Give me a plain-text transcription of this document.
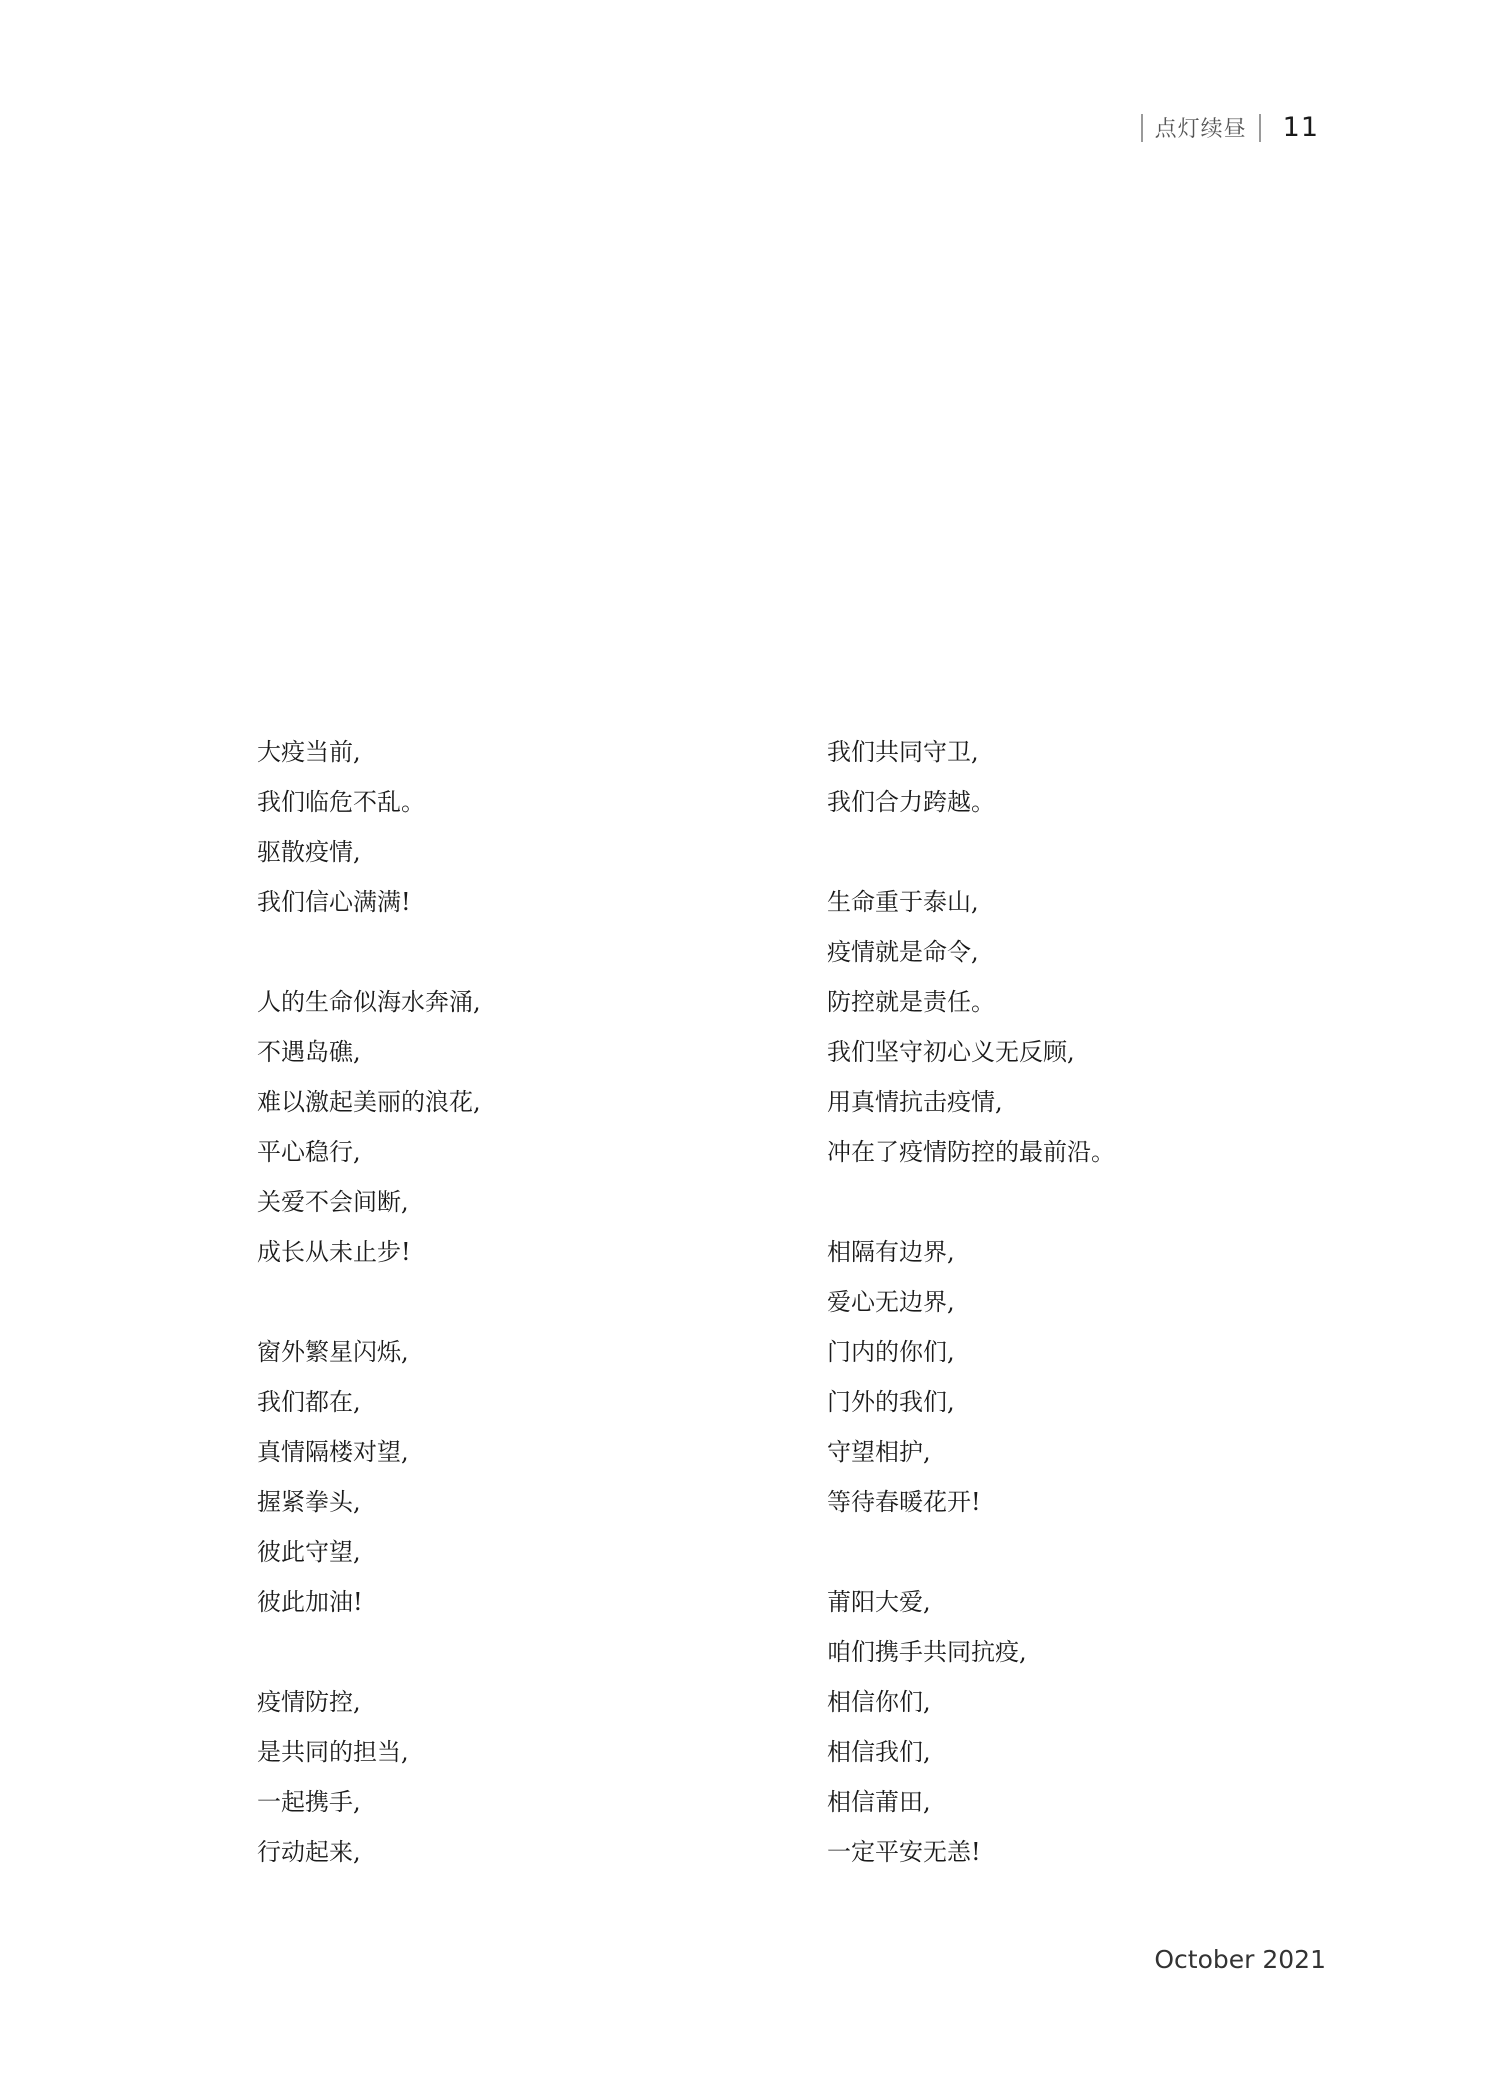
点灯续昼 11
大疫当前,
我们临危不乱。
驱散疫情,
我们信心满满!
人的生命似海水奔涌,
不遇岛礁,
难以激起美丽的浪花,
平心稳行,
关爱不会间断,
成长从未止步!
窗外繁星闪烁,
我们都在,
真情隔楼对望,
握紧拳头,
彼此守望,
彼此加油!
疫情防控,
是共同的担当,
一起携手,
行动起来,
我们共同守卫,
我们合力跨越。
生命重于泰山,
疫情就是命令,
防控就是责任。
我们坚守初心义无反顾,
用真情抗击疫情,
冲在了疫情防控的最前沿。
相隔有边界,
爱心无边界,
门内的你们,
门外的我们,
守望相护,
等待春暖花开!
莆阳大爱,
咱们携手共同抗疫,
相信你们,
相信我们,
相信莆田,
一定平安无恙!
October 2021
